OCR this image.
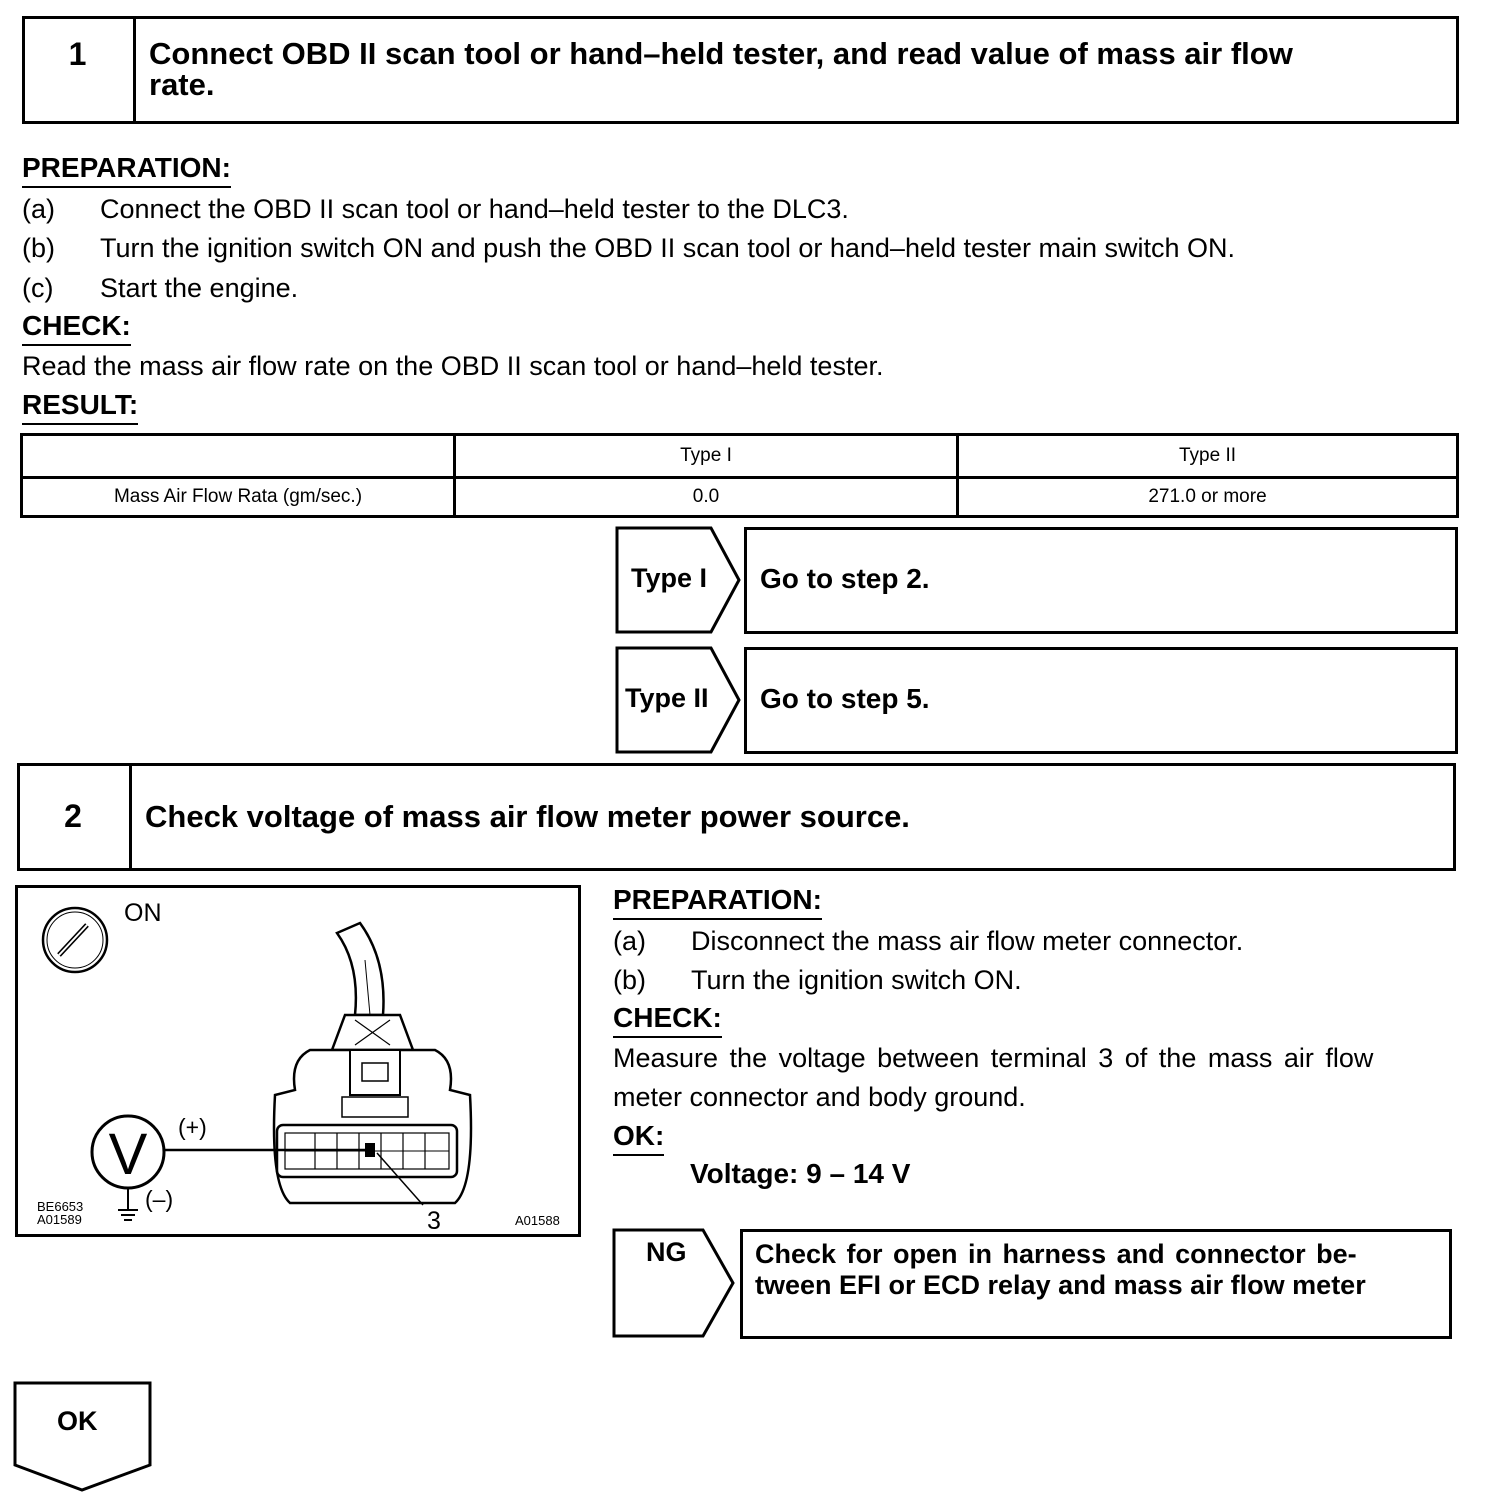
1	Connect OBD II scan tool or hand–held tester, and read value of mass air flow
rate.
PREPARATION:
(a) Connect the OBD II scan tool or hand–held tester to the DLC3.
(b) Turn the ignition switch ON and push the OBD II scan tool or hand–held tester main switch ON.
(c) Start the engine.
CHECK:
Read the mass air flow rate on the OBD II scan tool or hand–held tester.
RESULT:
	Type I	Type II
Mass Air Flow Rata (gm/sec.)	0.0	271.0 or more
Type I Go to step 2.
Type II Go to step 5.
2	Check voltage of mass air flow meter power source.
V
ON
(+)
(–)
3
BE6653
A01589	A01588
PREPARATION:
(a) Disconnect the mass air flow meter connector.
(b) Turn the ignition switch ON.
CHECK:
Measure the voltage between terminal 3 of the mass air flow
meter connector and body ground.
OK:
Voltage: 9 – 14 V
NG	Check for open in harness and connector be-
tween EFI or ECD relay and mass air flow meter
OK
